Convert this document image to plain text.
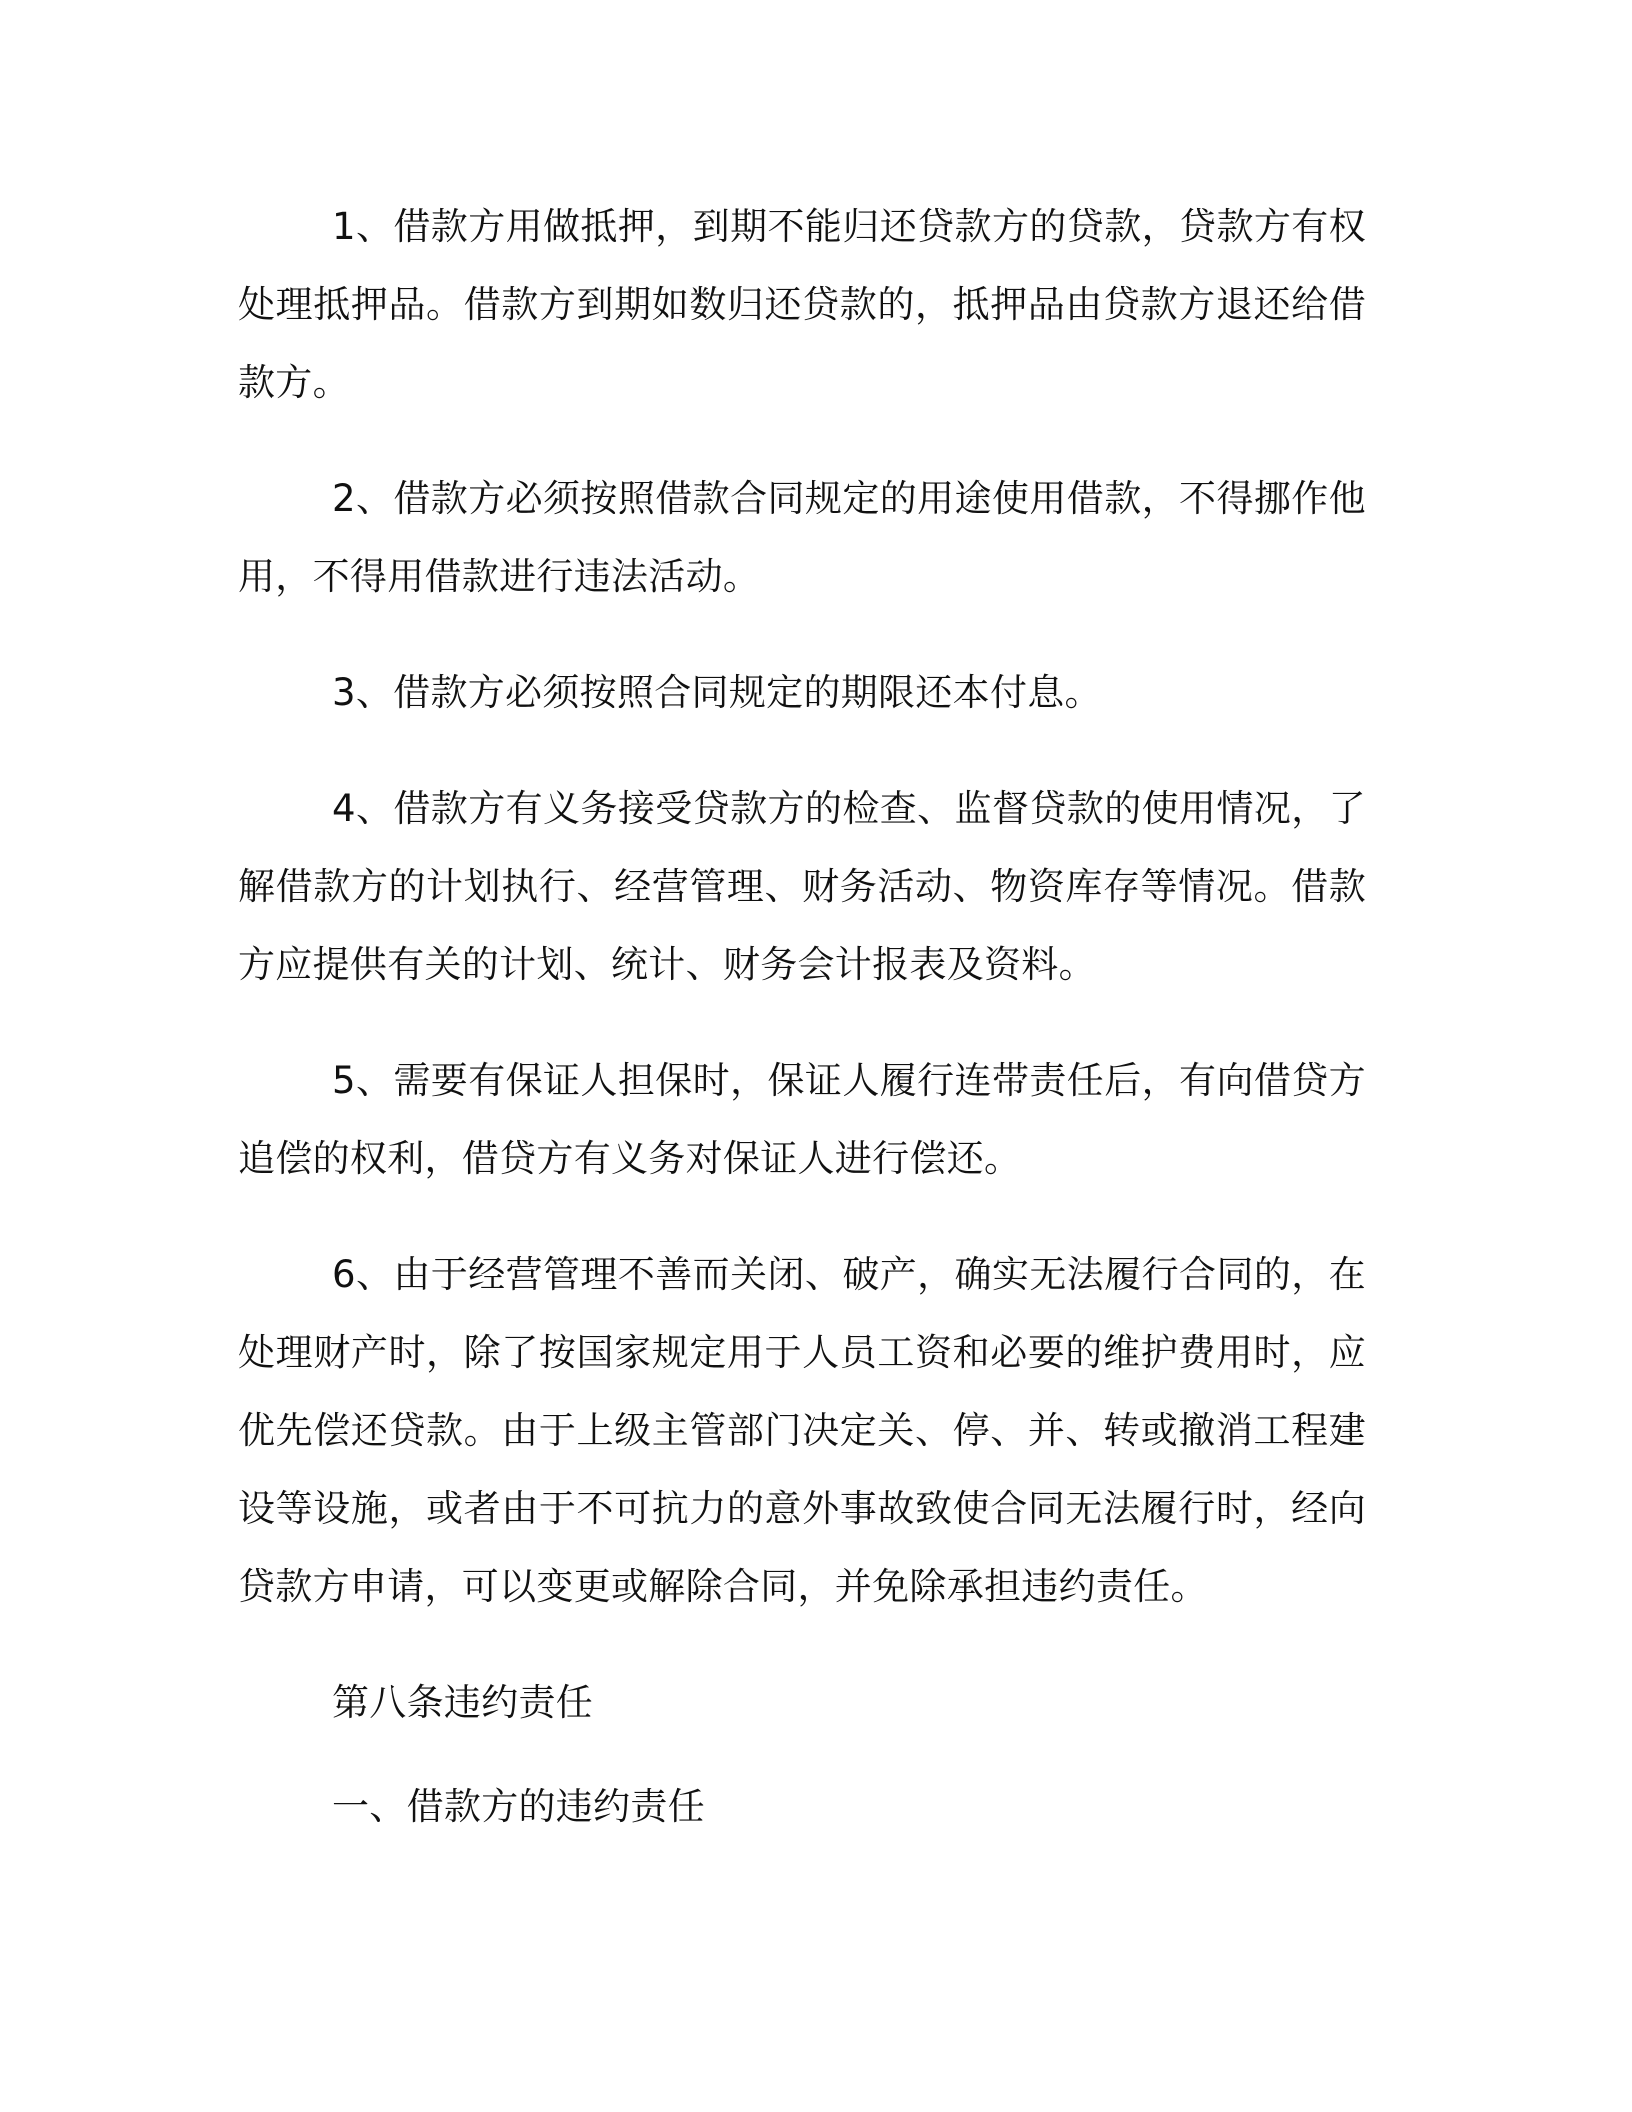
1、借款方用做抵押，到期不能归还贷款方的贷款，贷款方有权处理抵押品。借款方到期如数归还贷款的，抵押品由贷款方退还给借款方。

2、借款方必须按照借款合同规定的用途使用借款，不得挪作他用，不得用借款进行违法活动。

3、借款方必须按照合同规定的期限还本付息。

4、借款方有义务接受贷款方的检查、监督贷款的使用情况，了解借款方的计划执行、经营管理、财务活动、物资库存等情况。借款方应提供有关的计划、统计、财务会计报表及资料。

5、需要有保证人担保时，保证人履行连带责任后，有向借贷方追偿的权利，借贷方有义务对保证人进行偿还。

6、由于经营管理不善而关闭、破产，确实无法履行合同的，在处理财产时，除了按国家规定用于人员工资和必要的维护费用时，应优先偿还贷款。由于上级主管部门决定关、停、并、转或撤消工程建设等设施，或者由于不可抗力的意外事故致使合同无法履行时，经向贷款方申请，可以变更或解除合同，并免除承担违约责任。

第八条违约责任

一、借款方的违约责任
